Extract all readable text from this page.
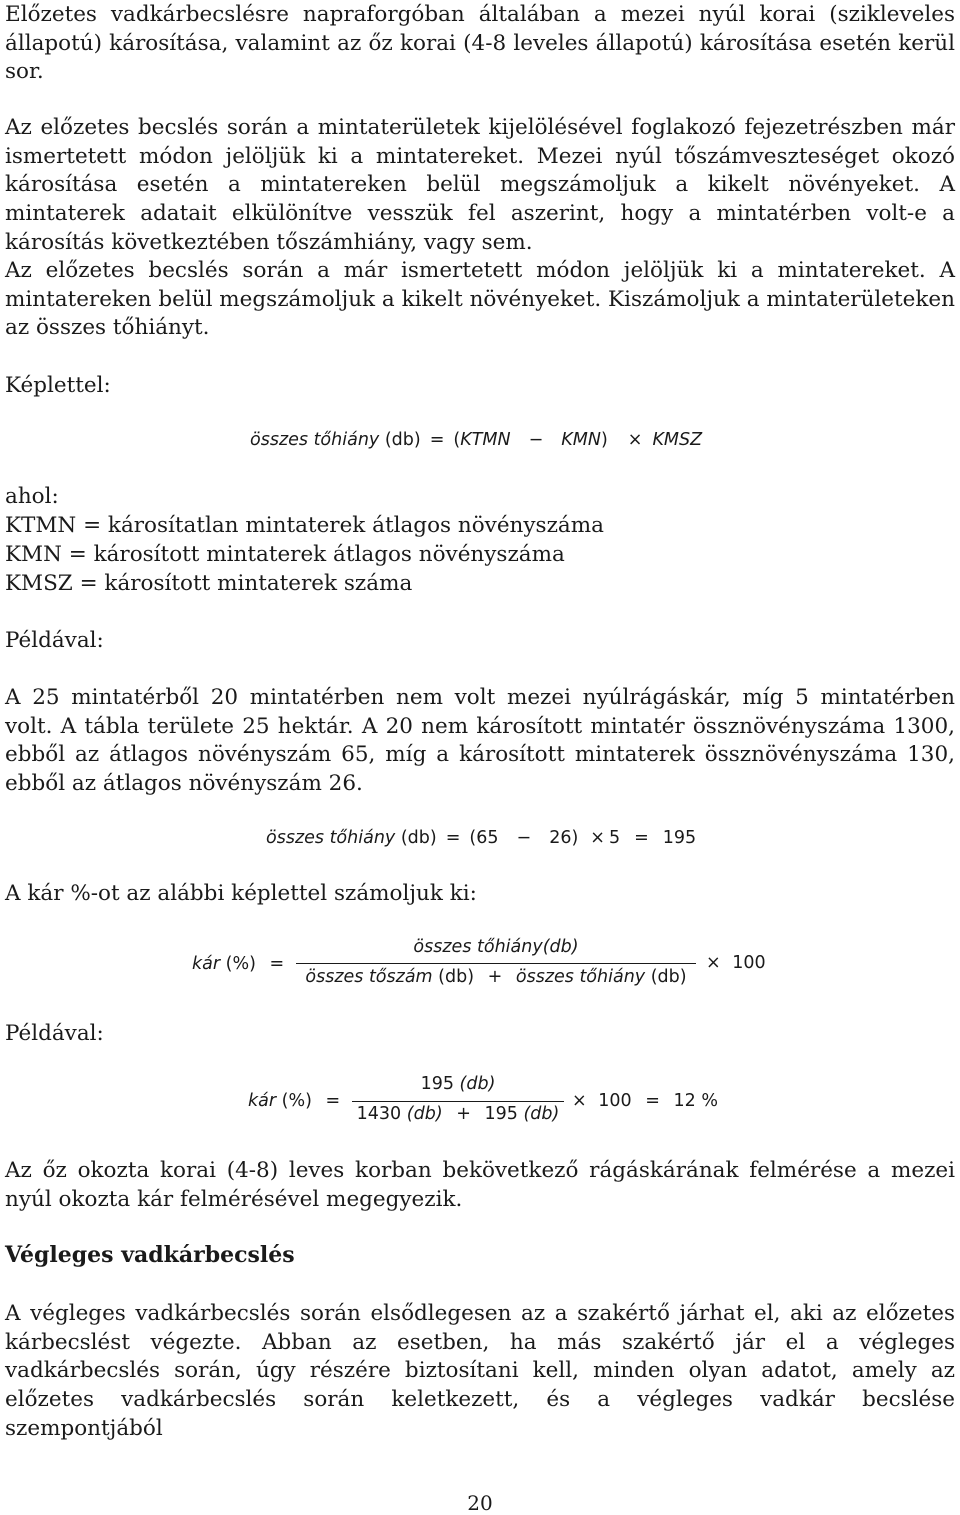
Előzetes vadkárbecslésre napraforgóban általában a mezei nyúl korai (szikleveles állapotú) károsítása, valamint az őz korai (4-8 leveles állapotú) károsítása esetén kerül sor.

Az előzetes becslés során a mintaterületek kijelölésével foglakozó fejezetrészben már ismertetett módon jelöljük ki a mintatereket. Mezei nyúl tőszámveszteséget okozó károsítása esetén a mintatereken belül megszámoljuk a kikelt növényeket. A mintaterek adatait elkülönítve vesszük fel aszerint, hogy a mintatérben volt-e a károsítás következtében tőszámhiány, vagy sem.

Az előzetes becslés során a már ismertetett módon jelöljük ki a mintatereket. A mintatereken belül megszámoljuk a kikelt növényeket. Kiszámoljuk a mintaterületeken az összes tőhiányt.

Képlettel:

összes tőhiány (db) = (KTMN − KMN) × KMSZ

ahol:

KTMN = károsítatlan mintaterek átlagos növényszáma
KMN = károsított mintaterek átlagos növényszáma
KMSZ = károsított mintaterek száma

Példával:

A 25 mintatérből 20 mintatérben nem volt mezei nyúlrágáskár, míg 5 mintatérben volt. A tábla területe 25 hektár. A 20 nem károsított mintatér össznövényszáma 1300, ebből az átlagos növényszám 65, míg a károsított mintaterek össznövényszáma 130, ebből az átlagos növényszám 26.

összes tőhiány (db) = (65 − 26) × 5 = 195

A kár %-ot az alábbi képlettel számoljuk ki:

kár (%) =
összes tőhiány(db)
összes tőszám (db) + összes tőhiány (db)
× 100

Példával:

kár (%) =
195 (db)
1430 (db) + 195 (db)
× 100 = 12 %

Az őz okozta korai (4-8) leves korban bekövetkező rágáskárának felmérése a mezei nyúl okozta kár felmérésével megegyezik.

Végleges vadkárbecslés

A végleges vadkárbecslés során elsődlegesen az a szakértő járhat el, aki az előzetes kárbecslést végezte. Abban az esetben, ha más szakértő jár el a végleges vadkárbecslés során, úgy részére biztosítani kell, minden olyan adatot, amely az előzetes vadkárbecslés során keletkezett, és a végleges vadkár becslése szempontjából

20
